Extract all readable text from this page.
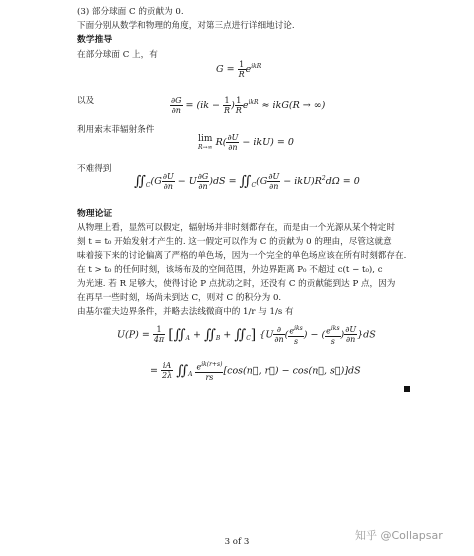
(3) 部分球面 C 的贡献为 0.
下面分别从数学和物理的角度，对第三点进行详细地讨论.
数学推导
在部分球面 C 上，有
$G = \frac{1}{R} e^{ikR}$
以及	$\frac{\partial G}{\partial n} = (ik - \frac{1}{R}$ ) $\frac{1}{R} e^{ikR} \approx ikG(R$ → ∞)
利用索末菲辐射条件
lim
R→∞ $R( \frac{\partial U}{\partial n} - ikU) = 0$
不难得到
$∬_C(G \frac{\partial U}{\partial n} - U \frac{\partial G}{\partial n} )dS$ = $∬_C(G \frac{\partial U}{\partial n} - ikU)R^2d\Omega = 0$
物理论证
从物理上看，显然可以假定，辐射场并非时刻都存在，而是由一个光源从某个特定时
刻 t = t₀ 开始发射才产生的. 这一假定可以作为 C 的贡献为 0 的理由，尽管这就意
味着接下来的讨论偏离了严格的单色场，因为一个完全的单色场应该在所有时刻都存在.
在 t > t₀ 的任何时刻，该场布及的空间范围，外边界距离 P₀ 不超过 c(t − t₀), c
为光速. 若 R 足够大，使得讨论 P 点扰动之时，还没有 C 的贡献能到达 P 点，因为
在再早一些时刻，场尚未到达 C，则对 C 的积分为 0.
由基尔霍夫边界条件，并略去法线微商中的 1/r 与 1/s 有
$U(P) = \frac{1}{4\pi}$ [$∬_A$ + $∬_B$ + $∬_C$] {$U \frac{\partial}{\partial n}$ ( $\frac{e^{iks}}{s}$ ) − ( $\frac{e^{iks}}{s}$ ) $\frac{\partial U}{\partial n} \}dS$
= $\frac{iA}{2\lambda}$ $∬_A \frac{e^{ik(r+s)}}{rs}$ [cos(n⃗, r⃗) − cos(n⃗, s⃗)]dS
知乎 @Collapsar
3 of 3
